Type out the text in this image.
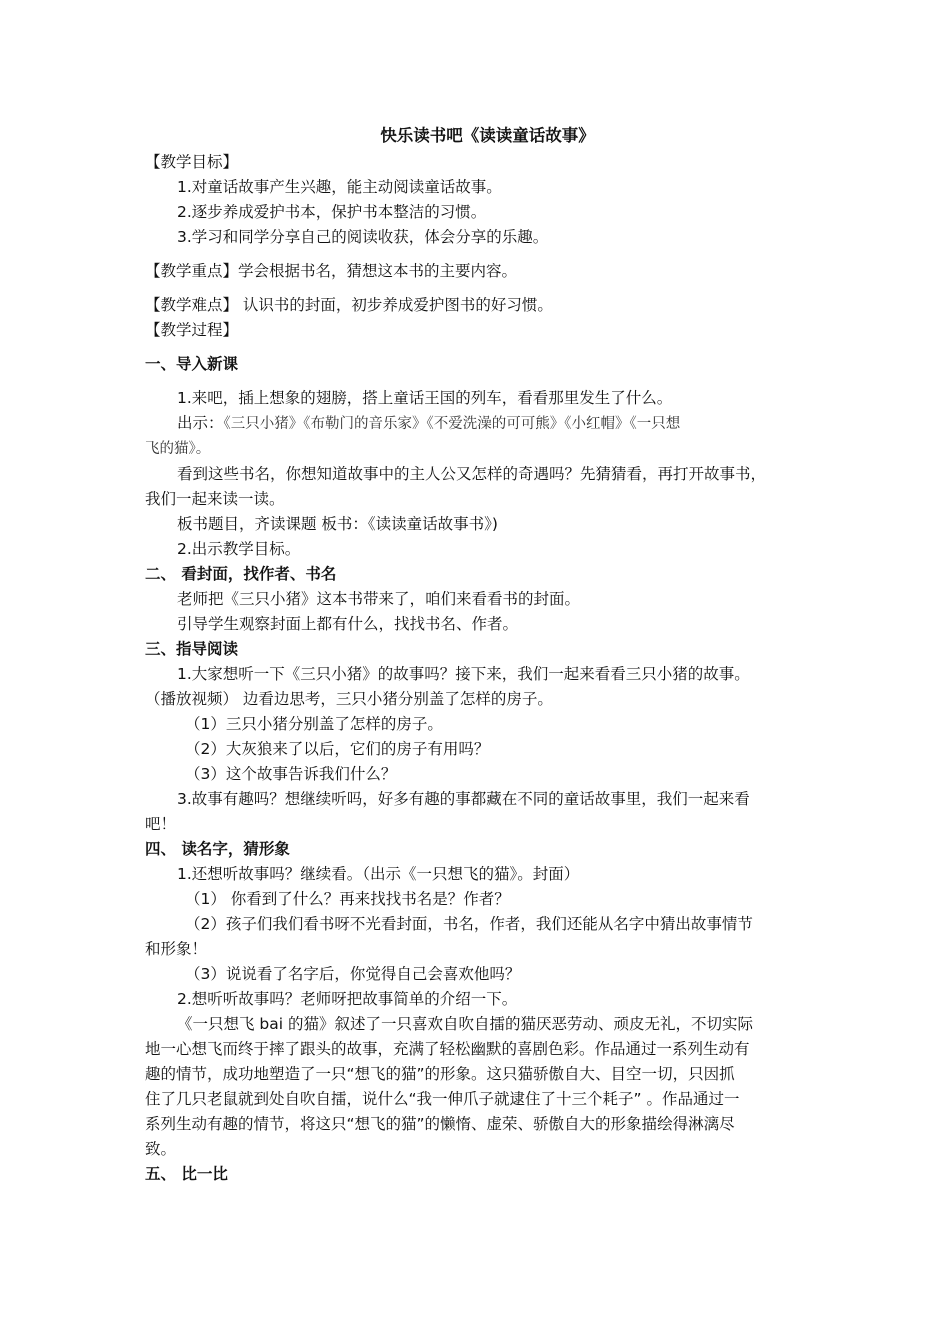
快乐读书吧《读读童话故事》
【教学目标】
1.对童话故事产生兴趣，能主动阅读童话故事。
2.逐步养成爱护书本，保护书本整洁的习惯。
3.学习和同学分享自己的阅读收获，体会分享的乐趣。
【教学重点】学会根据书名，猜想这本书的主要内容。
【教学难点】 认识书的封面，初步养成爱护图书的好习惯。
【教学过程】
一、导入新课
1.来吧，插上想象的翅膀，搭上童话王国的列车，看看那里发生了什么。
出示：《三只小猪》《布勒门的音乐家》《不爱洗澡的可可熊》《小红帽》《一只想
飞的猫》。
看到这些书名，你想知道故事中的主人公又怎样的奇遇吗？先猜猜看，再打开故事书，
我们一起来读一读。
板书题目，齐读课题 板书：《读读童话故事书》)
2.出示教学目标。
二、 看封面，找作者、书名
老师把《三只小猪》这本书带来了，咱们来看看书的封面。
引导学生观察封面上都有什么，找找书名、作者。
三、指导阅读
1.大家想听一下《三只小猪》的故事吗？接下来，我们一起来看看三只小猪的故事。
（播放视频） 边看边思考，三只小猪分别盖了怎样的房子。
（1）三只小猪分别盖了怎样的房子。
（2）大灰狼来了以后，它们的房子有用吗？
（3）这个故事告诉我们什么？
3.故事有趣吗？想继续听吗，好多有趣的事都藏在不同的童话故事里，我们一起来看
吧！
四、 读名字，猜形象
1.还想听故事吗？继续看。（出示《一只想飞的猫》。封面）
（1） 你看到了什么？再来找找书名是？作者？
（2）孩子们我们看书呀不光看封面，书名，作者，我们还能从名字中猜出故事情节
和形象！
（3）说说看了名字后，你觉得自己会喜欢他吗？
2.想听听故事吗？老师呀把故事简单的介绍一下。
《一只想飞 bai 的猫》叙述了一只喜欢自吹自擂的猫厌恶劳动、顽皮无礼，不切实际
地一心想飞而终于摔了跟头的故事，充满了轻松幽默的喜剧色彩。作品通过一系列生动有
趣的情节，成功地塑造了一只“想飞的猫”的形象。这只猫骄傲自大、目空一切，只因抓
住了几只老鼠就到处自吹自擂，说什么“我一伸爪子就逮住了十三个耗子” 。作品通过一
系列生动有趣的情节，将这只“想飞的猫”的懒惰、虚荣、骄傲自大的形象描绘得淋漓尽
致。
五、 比一比
